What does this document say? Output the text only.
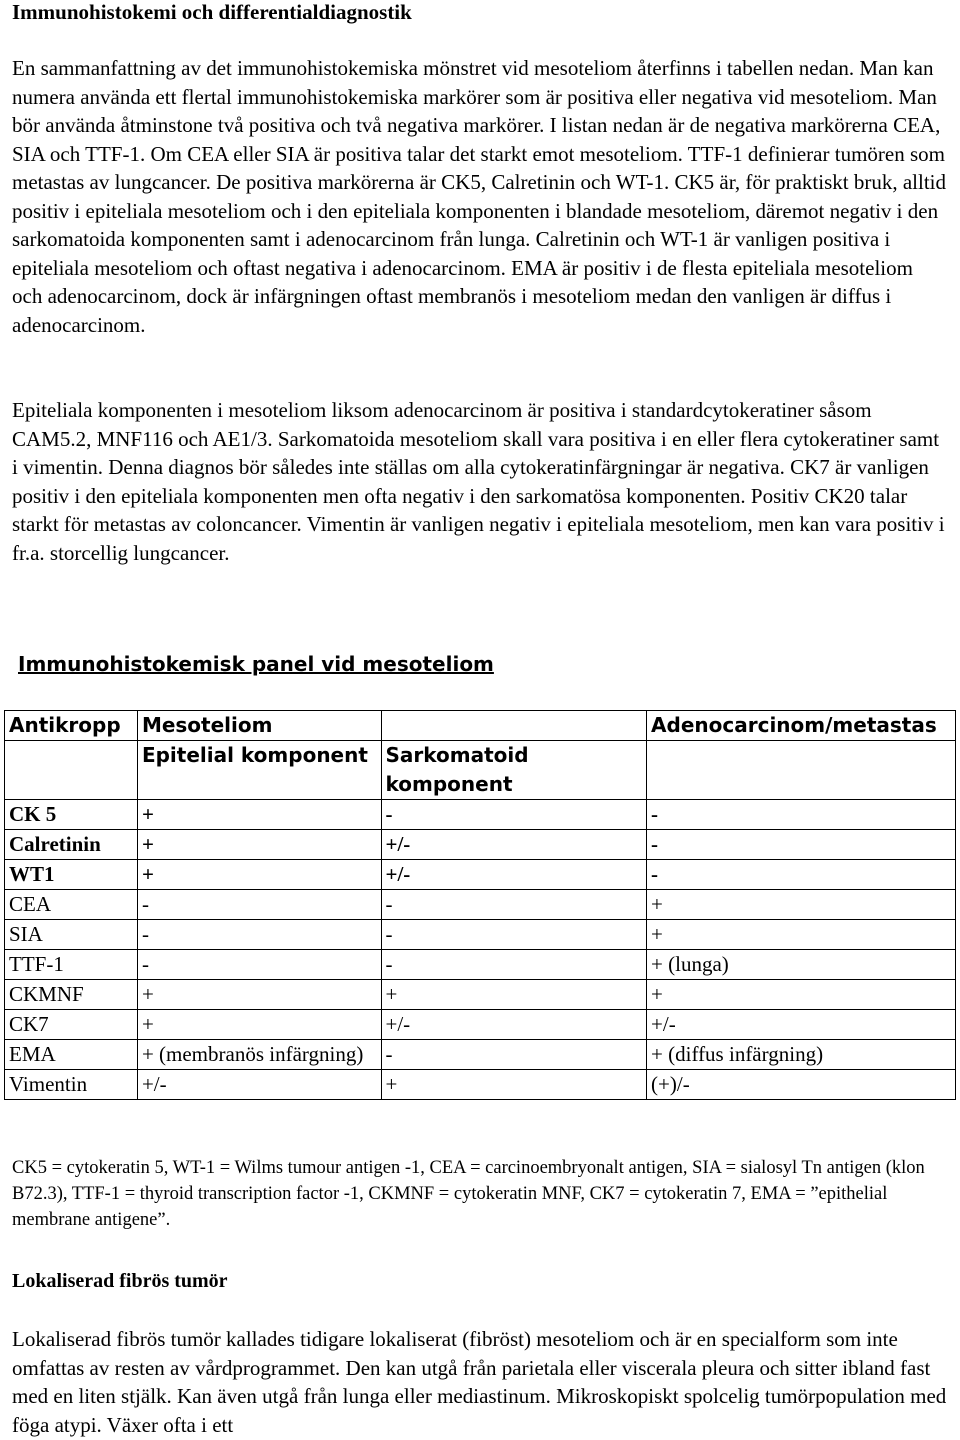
Immunohistokemi och differentialdiagnostik

En sammanfattning av det immunohistokemiska mönstret vid mesoteliom återfinns i tabellen nedan. Man kan numera använda ett flertal immunohistokemiska markörer som är positiva eller negativa vid mesoteliom. Man bör använda åtminstone två positiva och två negativa markörer. I listan nedan är de negativa markörerna CEA, SIA och TTF-1. Om CEA eller SIA är positiva talar det starkt emot mesoteliom. TTF-1 definierar tumören som metastas av lungcancer. De positiva markörerna är CK5, Calretinin och WT-1. CK5 är, för praktiskt bruk, alltid positiv i epiteliala mesoteliom och i den epiteliala komponenten i blandade mesoteliom, däremot negativ i den sarkomatoida komponenten samt i adenocarcinom från lunga. Calretinin och WT-1 är vanligen positiva i epiteliala mesoteliom och oftast negativa i adenocarcinom. EMA är positiv i de flesta epiteliala mesoteliom och adenocarcinom, dock är infärgningen oftast membranös i mesoteliom medan den vanligen är diffus i adenocarcinom.

Epiteliala komponenten i mesoteliom liksom adenocarcinom är positiva i standardcytokeratiner såsom CAM5.2, MNF116 och AE1/3. Sarkomatoida mesoteliom skall vara positiva i en eller flera cytokeratiner samt i vimentin. Denna diagnos bör således inte ställas om alla cytokeratinfärgningar är negativa. CK7 är vanligen positiv i den epiteliala komponenten men ofta negativ i den sarkomatösa komponenten. Positiv CK20 talar starkt för metastas av coloncancer. Vimentin är vanligen negativ i epiteliala mesoteliom, men kan vara positiv i fr.a. storcellig lungcancer.

Immunohistokemisk panel vid mesoteliom
Antikropp	Mesoteliom		Adenocarcinom/metastas
	Epitelial komponent	Sarkomatoid komponent	
CK 5	+	-	-
Calretinin	+	+/-	-
WT1	+	+/-	-
CEA	-	-	+
SIA	-	-	+
TTF-1	-	-	+ (lunga)
CKMNF	+	+	+
CK7	+	+/-	+/-
EMA	+ (membranös infärgning)	-	+ (diffus infärgning)
Vimentin	+/-	+	(+)/-

CK5 = cytokeratin 5, WT-1 = Wilms tumour antigen -1, CEA = carcinoembryonalt antigen, SIA = sialosyl Tn antigen (klon B72.3), TTF-1 = thyroid transcription factor -1, CKMNF = cytokeratin MNF, CK7 = cytokeratin 7, EMA = ”epithelial membrane antigene”.

Lokaliserad fibrös tumör

Lokaliserad fibrös tumör kallades tidigare lokaliserat (fibröst) mesoteliom och är en specialform som inte omfattas av resten av vårdprogrammet. Den kan utgå från parietala eller viscerala pleura och sitter ibland fast med en liten stjälk. Kan även utgå från lunga eller mediastinum. Mikroskopiskt spolcelig tumörpopulation med föga atypi. Växer ofta i ett
